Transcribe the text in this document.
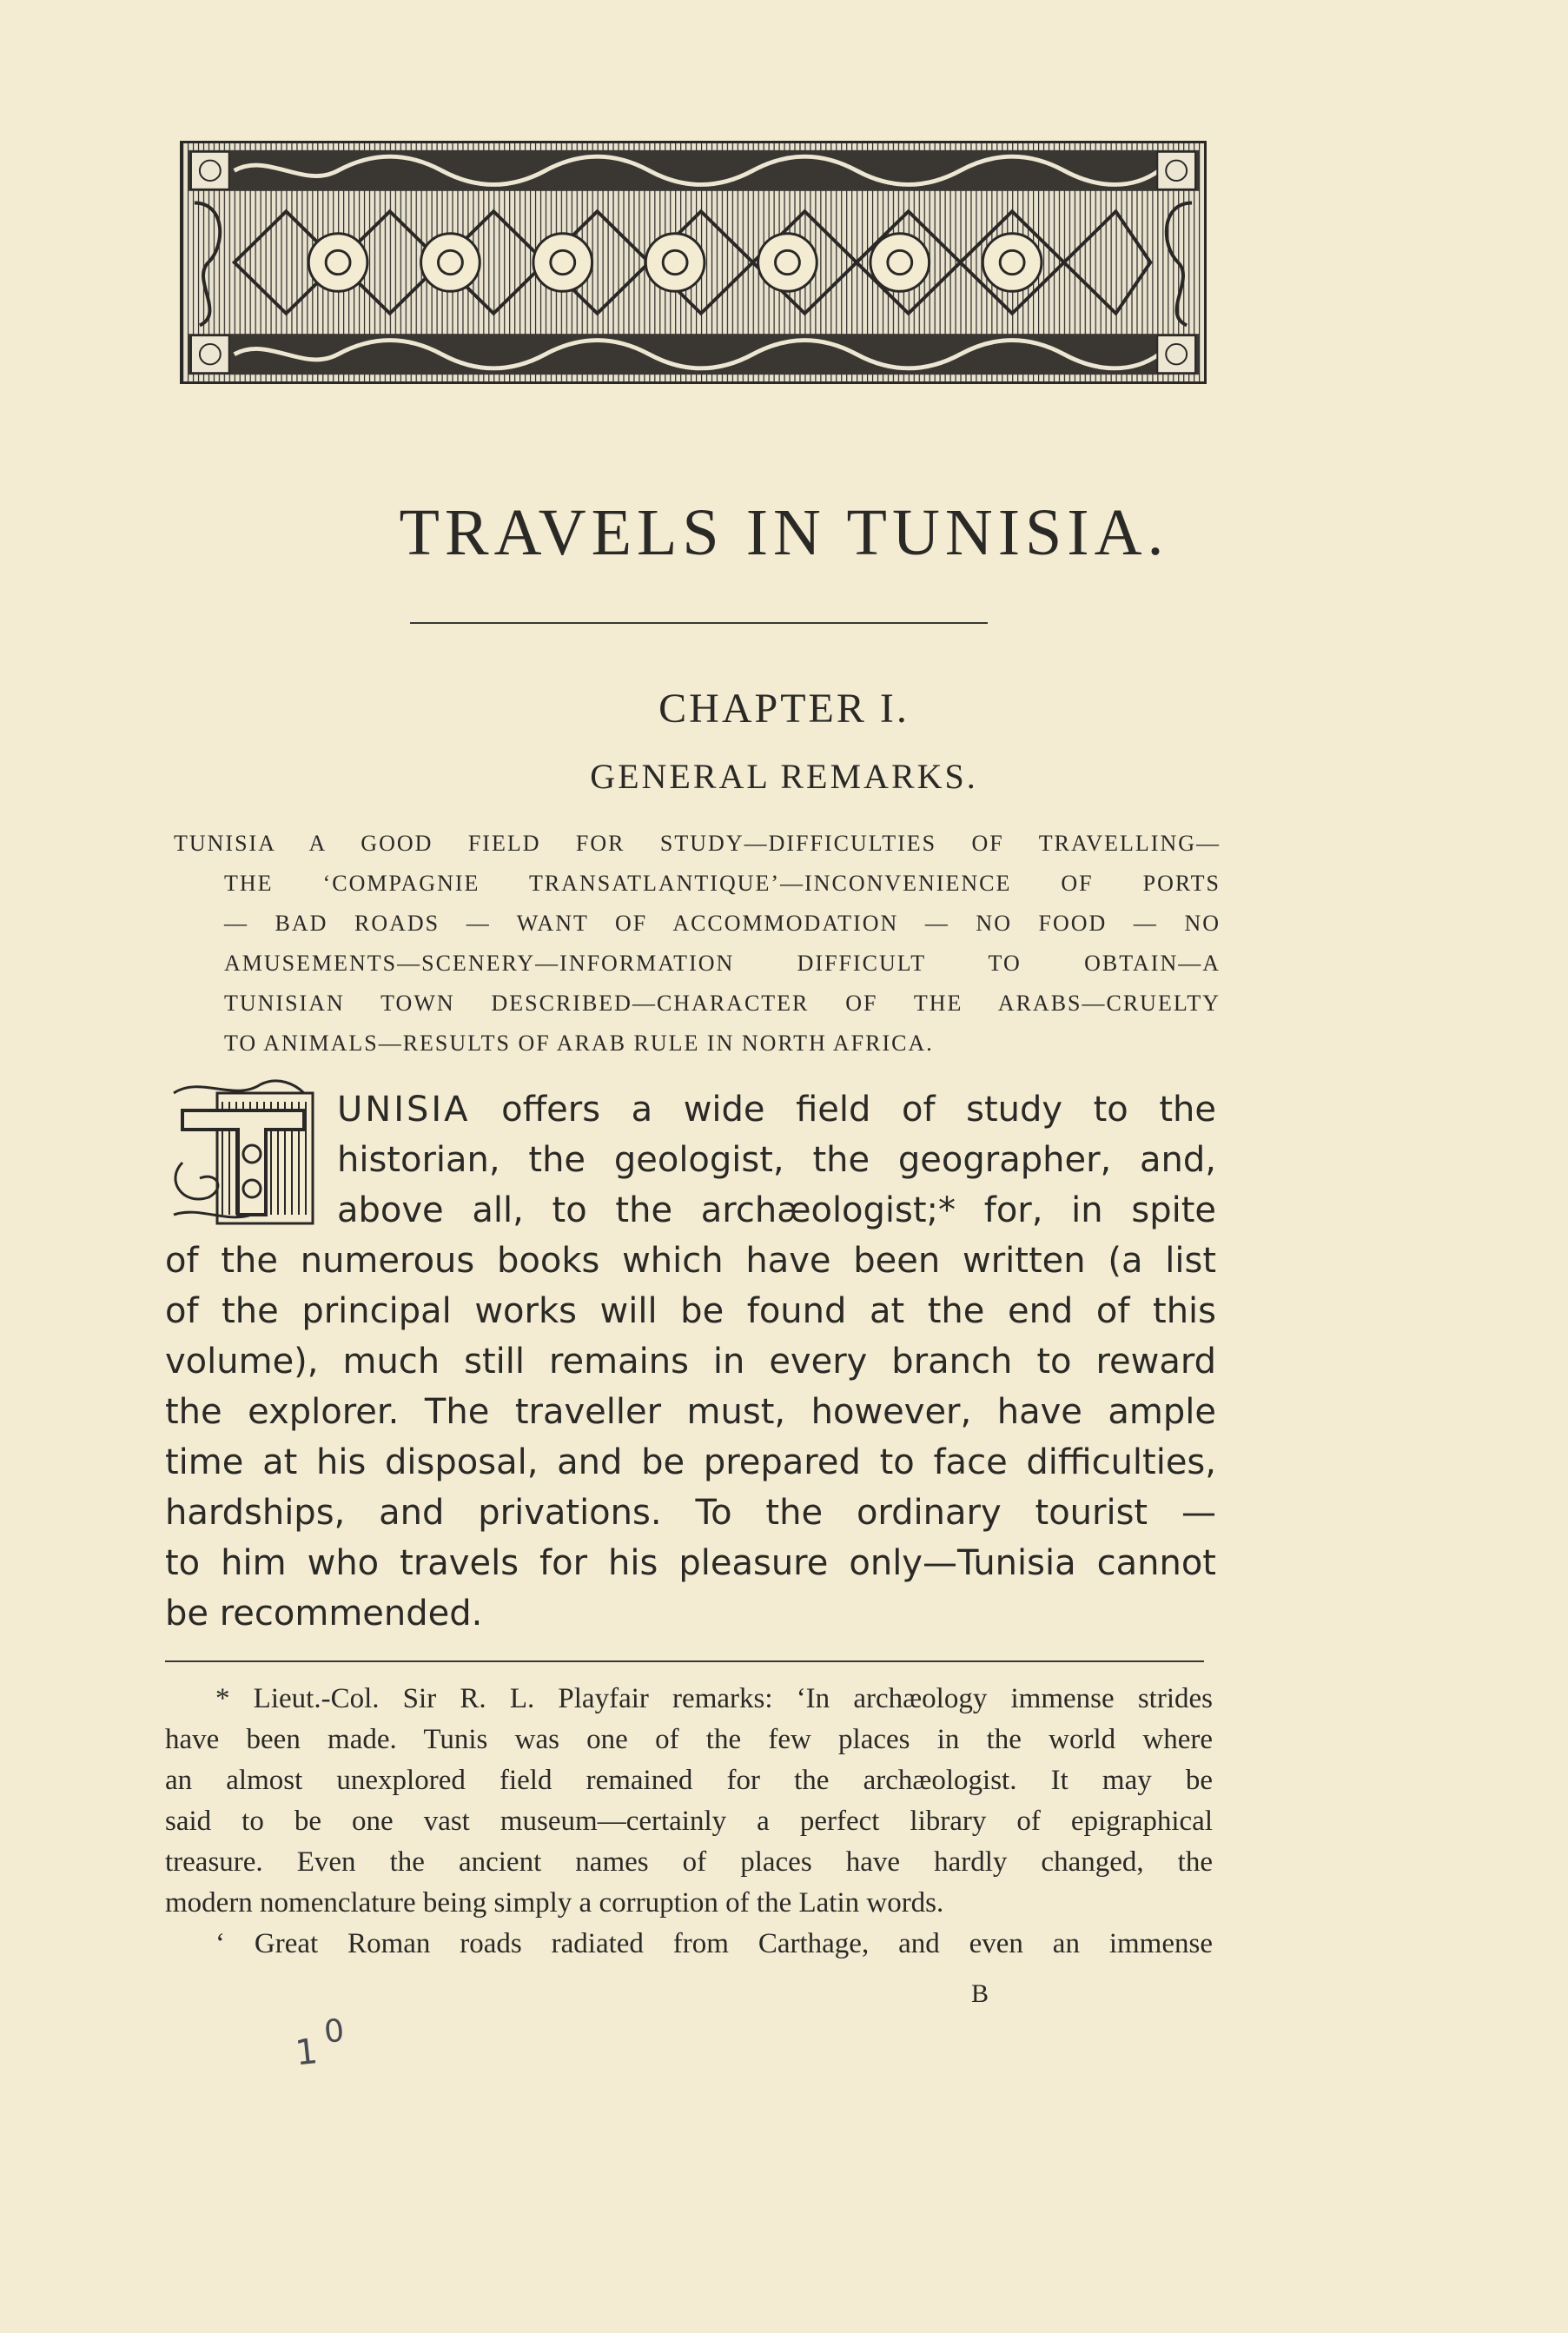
TRAVELS IN TUNISIA.
CHAPTER I.
GENERAL REMARKS.
TUNISIA A GOOD FIELD FOR STUDY—DIFFICULTIES OF TRAVELLING—
THE ‘COMPAGNIE TRANSATLANTIQUE’—INCONVENIENCE OF PORTS
— BAD ROADS — WANT OF ACCOMMODATION — NO FOOD — NO
AMUSEMENTS—SCENERY—INFORMATION DIFFICULT TO OBTAIN—A
TUNISIAN TOWN DESCRIBED—CHARACTER OF THE ARABS—CRUELTY
TO ANIMALS—RESULTS OF ARAB RULE IN NORTH AFRICA.
UNISIA offers a wide field of study to the
historian, the geologist, the geographer, and,
above all, to the archæologist;* for, in spite
of the numerous books which have been written (a list
of the principal works will be found at the end of this
volume), much still remains in every branch to reward
the explorer. The traveller must, however, have ample
time at his disposal, and be prepared to face difficulties,
hardships, and privations. To the ordinary tourist —
to him who travels for his pleasure only—Tunisia cannot
be recommended.
* Lieut.-Col. Sir R. L. Playfair remarks: ‘In archæology immense strides
have been made. Tunis was one of the few places in the world where
an almost unexplored field remained for the archæologist. It may be
said to be one vast museum—certainly a perfect library of epigraphical
treasure. Even the ancient names of places have hardly changed, the
modern nomenclature being simply a corruption of the Latin words.
‘ Great Roman roads radiated from Carthage, and even an immense
B
10
